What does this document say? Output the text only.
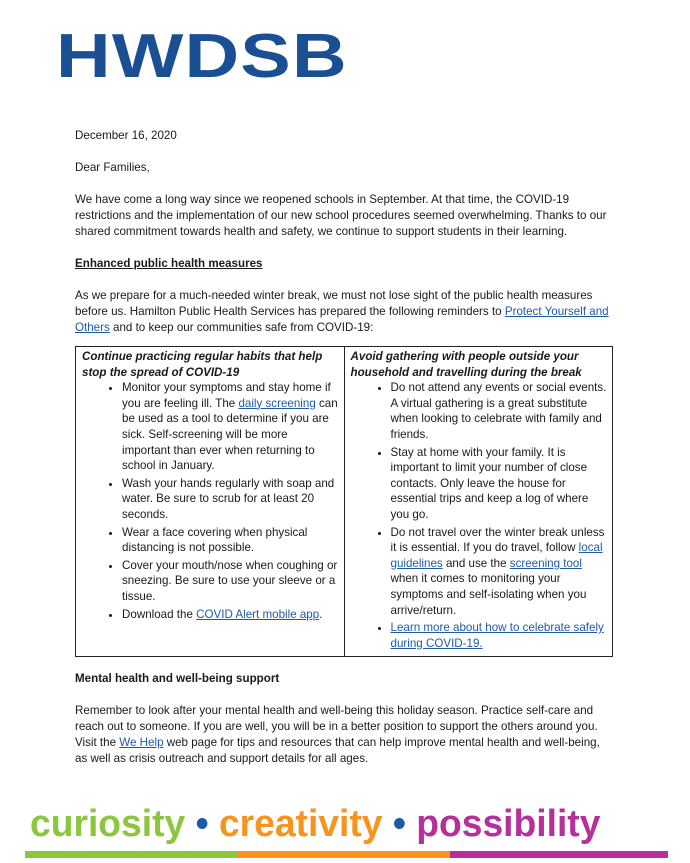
HWDSB

December 16, 2020

Dear Families,

We have come a long way since we reopened schools in September. At that time, the COVID-19 restrictions and the implementation of our new school procedures seemed overwhelming. Thanks to our shared commitment towards health and safety, we continue to support students in their learning.

Enhanced public health measures

As we prepare for a much-needed winter break, we must not lose sight of the public health measures before us. Hamilton Public Health Services has prepared the following reminders to Protect Yourself and Others and to keep our communities safe from COVID-19:

Continue practicing regular habits that help stop the spread of COVID-19
• Monitor your symptoms and stay home if you are feeling ill. The daily screening can be used as a tool to determine if you are sick. Self-screening will be more important than ever when returning to school in January.
• Wash your hands regularly with soap and water. Be sure to scrub for at least 20 seconds.
• Wear a face covering when physical distancing is not possible.
• Cover your mouth/nose when coughing or sneezing. Be sure to use your sleeve or a tissue.
• Download the COVID Alert mobile app.

Avoid gathering with people outside your household and travelling during the break
• Do not attend any events or social events. A virtual gathering is a great substitute when looking to celebrate with family and friends.
• Stay at home with your family. It is important to limit your number of close contacts. Only leave the house for essential trips and keep a log of where you go.
• Do not travel over the winter break unless it is essential. If you do travel, follow local guidelines and use the screening tool when it comes to monitoring your symptoms and self-isolating when you arrive/return.
• Learn more about how to celebrate safely during COVID-19.

Mental health and well-being support

Remember to look after your mental health and well-being this holiday season. Practice self-care and reach out to someone. If you are well, you will be in a better position to support the others around you. Visit the We Help web page for tips and resources that can help improve mental health and well-being, as well as crisis outreach and support details for all ages.

curiosity • creativity • possibility
